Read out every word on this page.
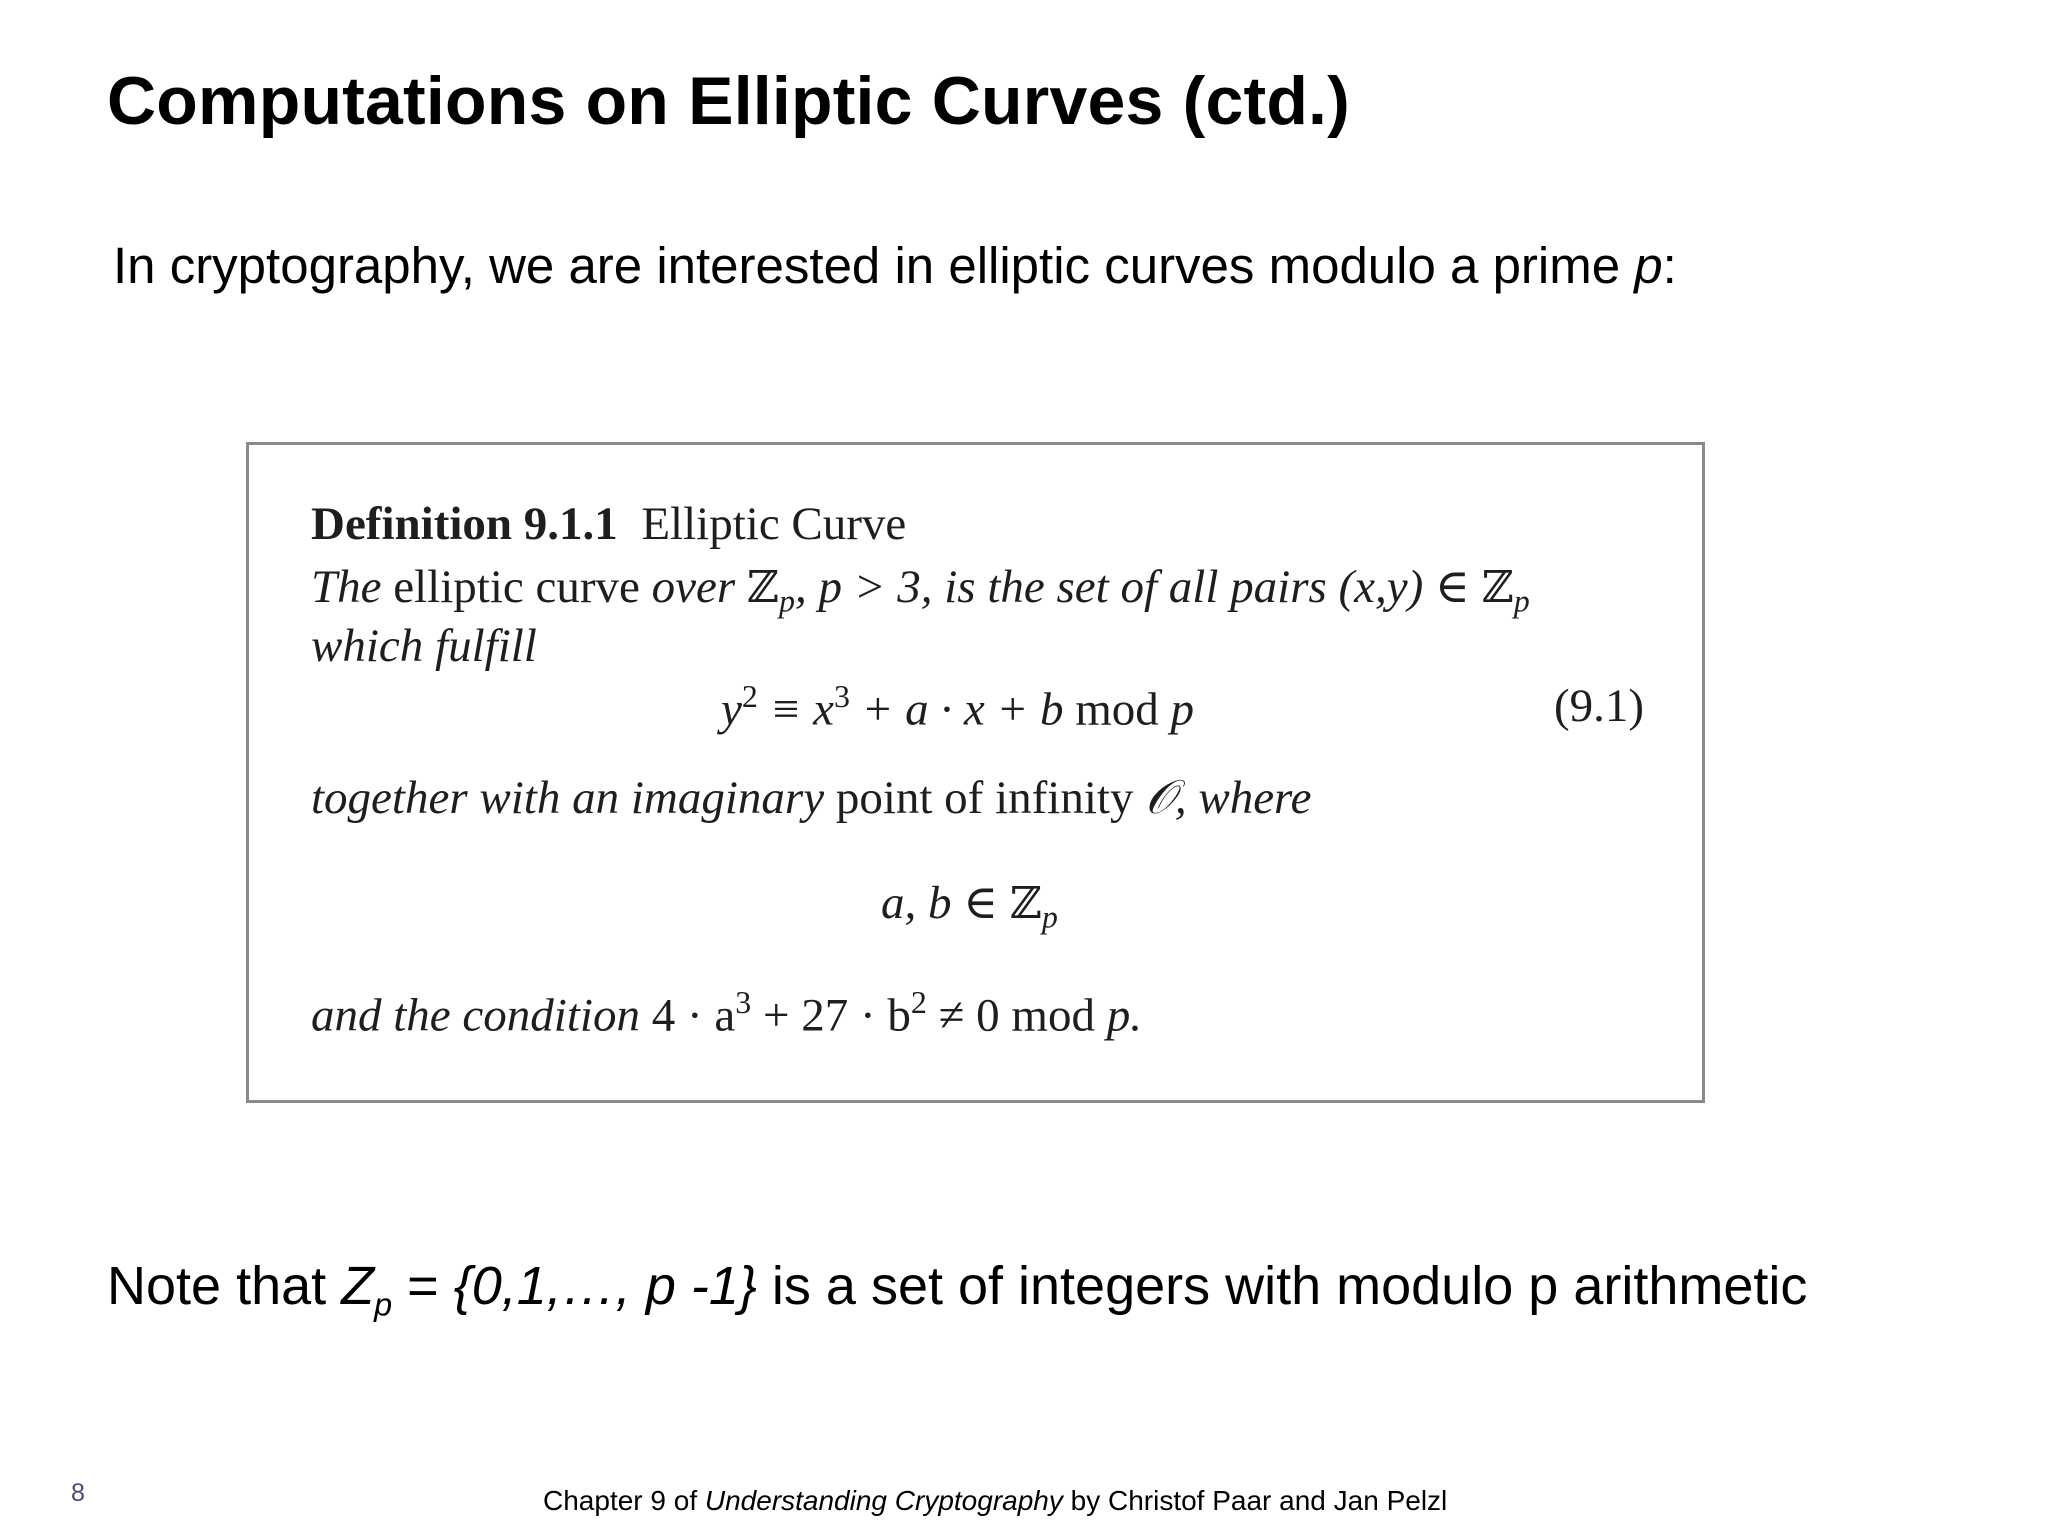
Computations on Elliptic Curves (ctd.)
In cryptography, we are interested in elliptic curves modulo a prime p:
Definition 9.1.1 Elliptic Curve
The elliptic curve over ℤ$_p$, p > 3, is the set of all pairs (x,y) ∈ ℤ$_p$
which fulfill
$y^2 \equiv x^3 + a \cdot x + b$ mod p	(9.1)
together with an imaginary point of infinity 𝒪, where
a, b ∈ ℤ$_p$
and the condition $4 \cdot a^3 + 27 \cdot b^2 \ne 0$ mod p.
Note that $Z_p$ = {0,1,…, p -1} is a set of integers with modulo p arithmetic
8	Chapter 9 of Understanding Cryptography by Christof Paar and Jan Pelzl
